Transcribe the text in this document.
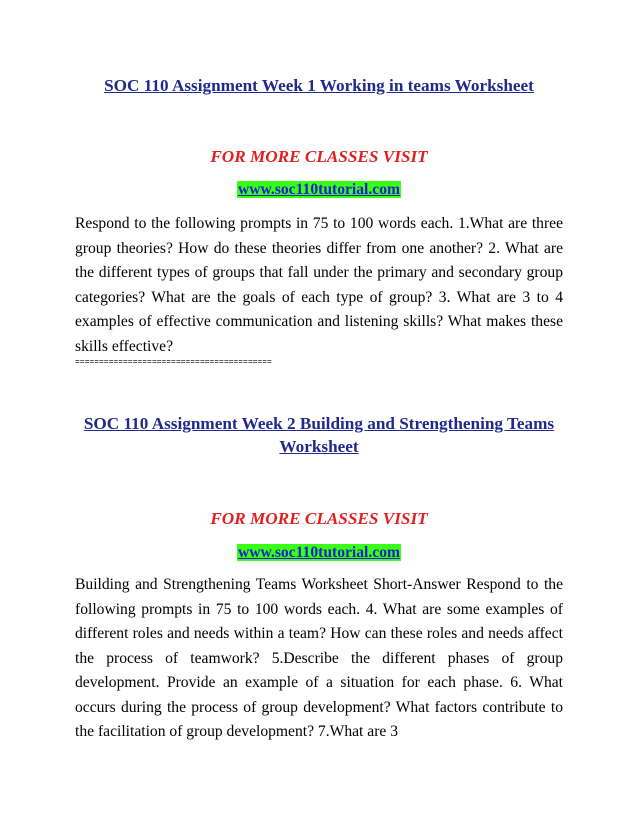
SOC 110 Assignment Week 1 Working in teams Worksheet

FOR MORE CLASSES VISIT

www.soc110tutorial.com

Respond to the following prompts in 75 to 100 words each. 1.What are three group theories? How do these theories differ from one another? 2. What are the different types of groups that fall under the primary and secondary group categories? What are the goals of each type of group? 3. What are 3 to 4 examples of effective communication and listening skills? What makes these skills effective?

=========================================

SOC 110 Assignment Week 2 Building and Strengthening Teams Worksheet

FOR MORE CLASSES VISIT

www.soc110tutorial.com

Building and Strengthening Teams Worksheet Short-Answer Respond to the following prompts in 75 to 100 words each. 4. What are some examples of different roles and needs within a team? How can these roles and needs affect the process of teamwork? 5.Describe the different phases of group development. Provide an example of a situation for each phase. 6. What occurs during the process of group development? What factors contribute to the facilitation of group development? 7.What are 3
